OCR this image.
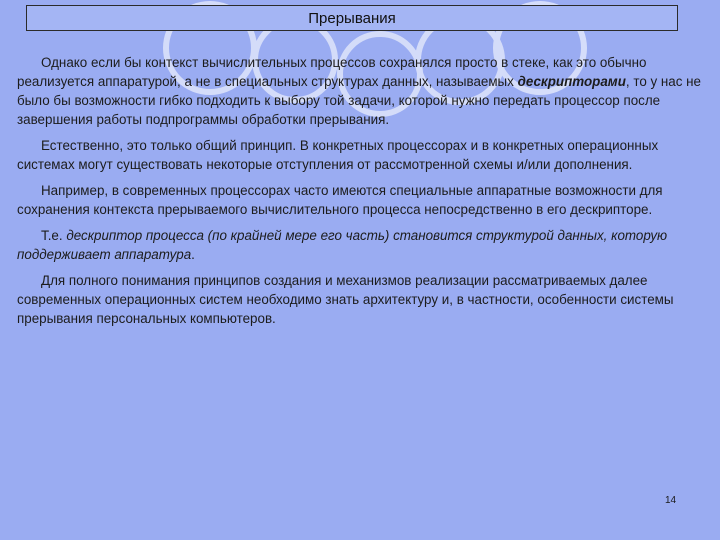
Прерывания

Однако если бы контекст вычислительных процессов сохранялся просто в стеке, как это обычно реализуется аппаратурой, а не в специальных структурах данных, называемых дескрипторами, то у нас не было бы возможности гибко подходить к выбору той задачи, которой нужно передать процессор после завершения работы подпрограммы обработки прерывания.

Естественно, это только общий принцип. В конкретных процессорах и в конкретных операционных системах могут существовать некоторые отступления от рассмотренной схемы и/или дополнения.

Например, в современных процессорах часто имеются специальные аппаратные возможности для сохранения контекста прерываемого вычислительного процесса непосредственно в его дескрипторе.

Т.е. дескриптор процесса (по крайней мере его часть) становится структурой данных, которую поддерживает аппаратура.

Для полного понимания принципов создания и механизмов реализации рассматриваемых далее современных операционных систем необходимо знать архитектуру и, в частности, особенности системы прерывания персональных компьютеров.

14
